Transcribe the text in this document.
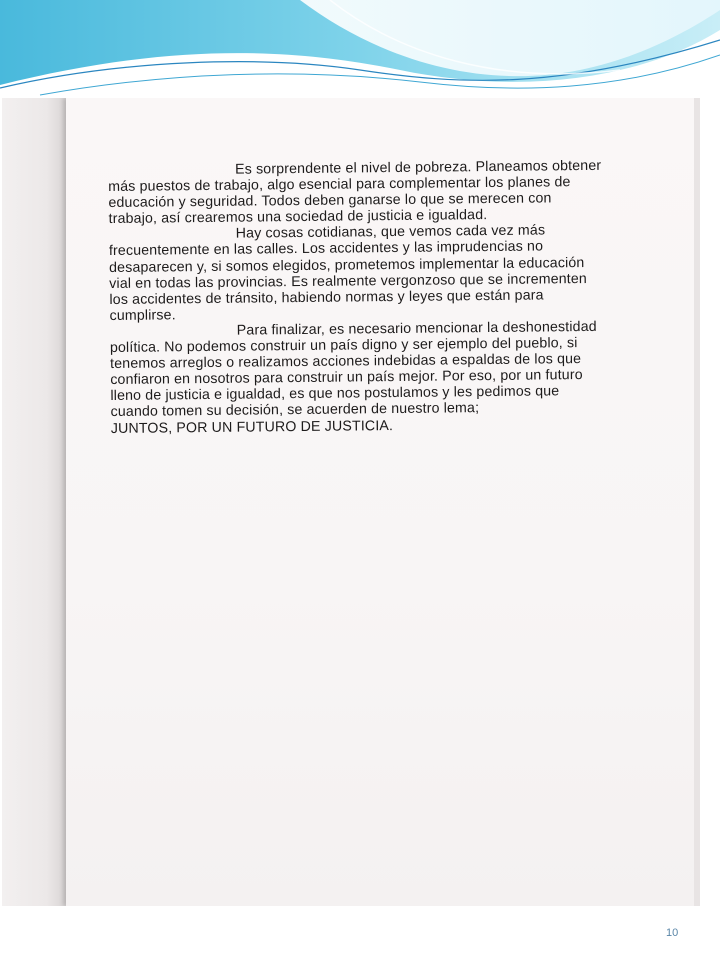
Es sorprendente el nivel de pobreza. Planeamos obtener más puestos de trabajo, algo esencial para complementar los planes de educación y seguridad. Todos deben ganarse lo que se merecen con trabajo, así crearemos una sociedad de justicia e igualdad.

Hay cosas cotidianas, que vemos cada vez más frecuentemente en las calles. Los accidentes y las imprudencias no desaparecen y, si somos elegidos, prometemos implementar la educación vial en todas las provincias. Es realmente vergonzoso que se incrementen los accidentes de tránsito, habiendo normas y leyes que están para cumplirse.

Para finalizar, es necesario mencionar la deshonestidad política. No podemos construir un país digno y ser ejemplo del pueblo, si tenemos arreglos o realizamos acciones indebidas a espaldas de los que confiaron en nosotros para construir un país mejor. Por eso, por un futuro lleno de justicia e igualdad, es que nos postulamos y les pedimos que cuando tomen su decisión, se acuerden de nuestro lema;

JUNTOS, POR UN FUTURO DE JUSTICIA.

10
